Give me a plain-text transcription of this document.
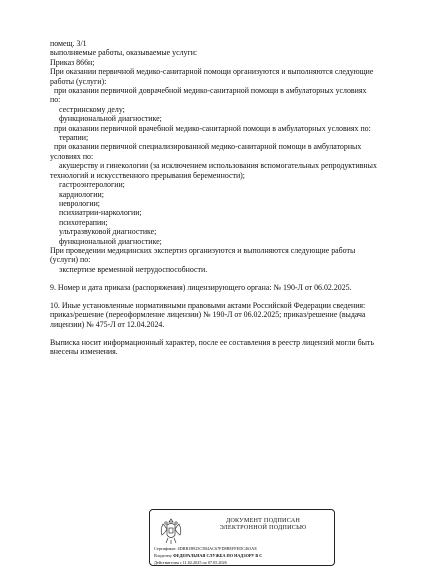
помещ. 3/1
выполняемые работы, оказываемые услуги:
Приказ 866н;
При оказании первичной медико-санитарной помощи организуются и выполняются следующие
работы (услуги):
при оказании первичной доврачебной медико-санитарной помощи в амбулаторных условиях
по:
сестринскому делу;
функциональной диагностике;
при оказании первичной врачебной медико-санитарной помощи в амбулаторных условиях по:
терапии;
при оказании первичной специализированной медико-санитарной помощи в амбулаторных
условиях по:
акушерству и гинекологии (за исключением использования вспомогательных репродуктивных
технологий и искусственного прерывания беременности);
гастроэнтерологии;
кардиологии;
неврологии;
психиатрии-наркологии;
психотерапии;
ультразвуковой диагностике;
функциональной диагностике;
При проведении медицинских экспертиз организуются и выполняются следующие работы
(услуги) по:
экспертизе временной нетрудоспособности.
9. Номер и дата приказа (распоряжения) лицензирующего органа: № 190-Л от 06.02.2025.
10. Иные установленные нормативными правовыми актами Российской Федерации сведения:
приказ/решение (переоформление лицензии) № 190-Л от 06.02.2025; приказ/решение (выдача
лицензии) № 475-Л от 12.04.2024.
Выписка носит информационный характер, после ее составления в реестр лицензий могли быть
внесены изменения.
ДОКУМЕНТ ПОДПИСАН
ЭЛЕКТРОННОЙ ПОДПИСЬЮ
Сертификат: 4DBB1B925C5B4AC67FD8BEFFEDC463AE
Владелец: ФЕДЕРАЛЬНАЯ СЛУЖБА ПО НАДЗОРУ В С
Действителен с 11.02.2025 по 07.05.2026
